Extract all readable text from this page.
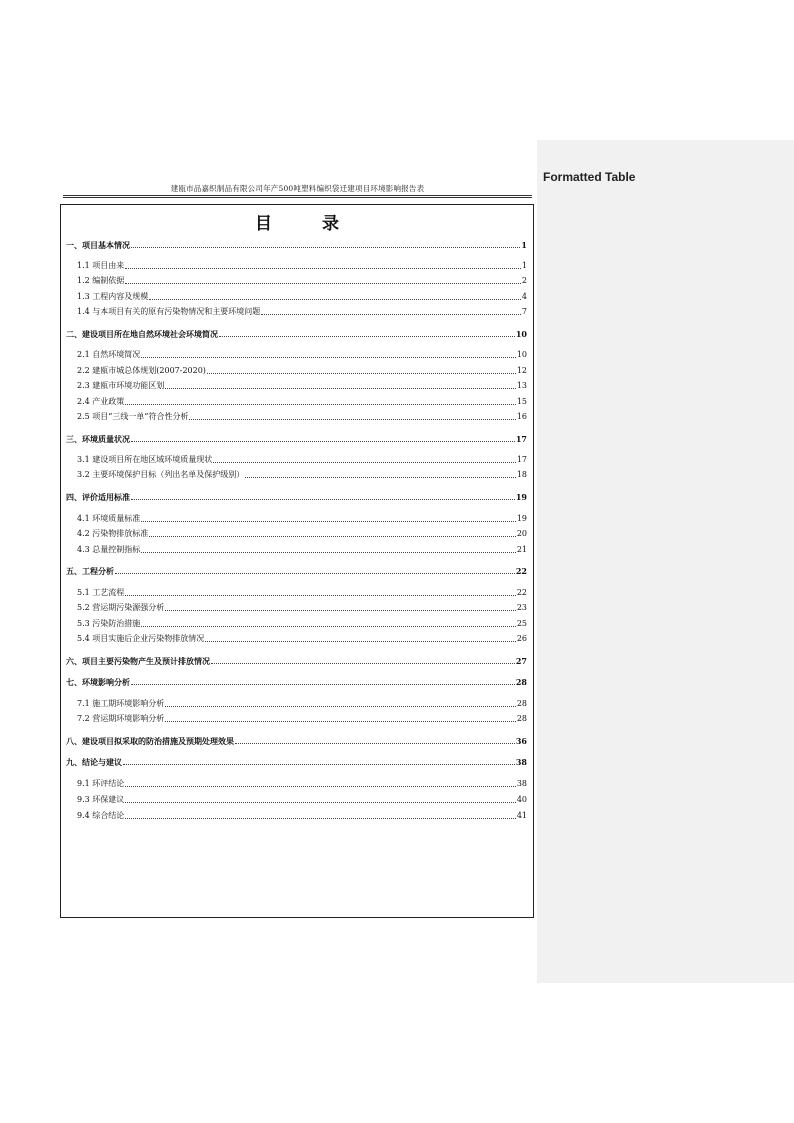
Formatted Table
建瓯市品嘉织制品有限公司年产500吨塑料编织袋迁建项目环境影响报告表
目 录
一、项目基本情况	1
1.1 项目由来	1
1.2 编制依据	2
1.3 工程内容及规模	4
1.4 与本项目有关的原有污染物情况和主要环境问题	7
二、建设项目所在地自然环境社会环境简况	10
2.1 自然环境简况	10
2.2 建瓯市城总体规划(2007-2020)	12
2.3 建瓯市环境功能区划	13
2.4 产业政策	15
2.5 项目“三线一单”符合性分析	16
三、环境质量状况	17
3.1 建设项目所在地区域环境质量现状	17
3.2 主要环境保护目标（列出名单及保护级别）	18
四、评价适用标准	19
4.1 环境质量标准	19
4.2 污染物排放标准	20
4.3 总量控制指标	21
五、工程分析	22
5.1 工艺流程	22
5.2 营运期污染源强分析	23
5.3 污染防治措施	25
5.4 项目实施后企业污染物排放情况	26
六、项目主要污染物产生及预计排放情况	27
七、环境影响分析	28
7.1 施工期环境影响分析	28
7.2 营运期环境影响分析	28
八、建设项目拟采取的防治措施及预期处理效果	36
九、结论与建议	38
9.1 环评结论	38
9.3 环保建议	40
9.4 综合结论	41
